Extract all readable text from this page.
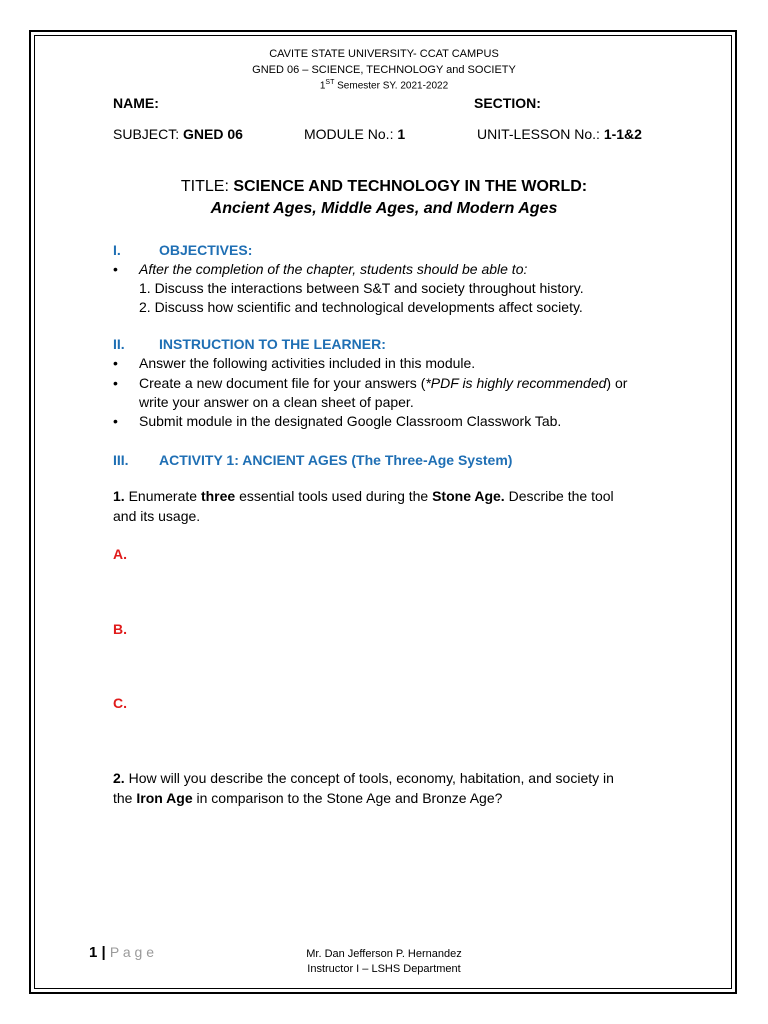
CAVITE STATE UNIVERSITY- CCAT CAMPUS
GNED 06 – SCIENCE, TECHNOLOGY and SOCIETY
1ST Semester SY. 2021-2022
NAME:	SECTION:
SUBJECT: GNED 06	MODULE No.: 1	UNIT-LESSON No.: 1-1&2
TITLE: SCIENCE AND TECHNOLOGY IN THE WORLD:
Ancient Ages, Middle Ages, and Modern Ages
I.	OBJECTIVES:
• After the completion of the chapter, students should be able to:
1. Discuss the interactions between S&T and society throughout history.
2. Discuss how scientific and technological developments affect society.
II. INSTRUCTION TO THE LEARNER:
• Answer the following activities included in this module.
• Create a new document file for your answers (*PDF is highly recommended) or
write your answer on a clean sheet of paper.
• Submit module in the designated Google Classroom Classwork Tab.
III. ACTIVITY 1: ANCIENT AGES (The Three-Age System)
1. Enumerate three essential tools used during the Stone Age. Describe the tool
and its usage.
A.
B.
C.
2. How will you describe the concept of tools, economy, habitation, and society in
the Iron Age in comparison to the Stone Age and Bronze Age?
1 | P a g e	Mr. Dan Jefferson P. Hernandez
Instructor I – LSHS Department
